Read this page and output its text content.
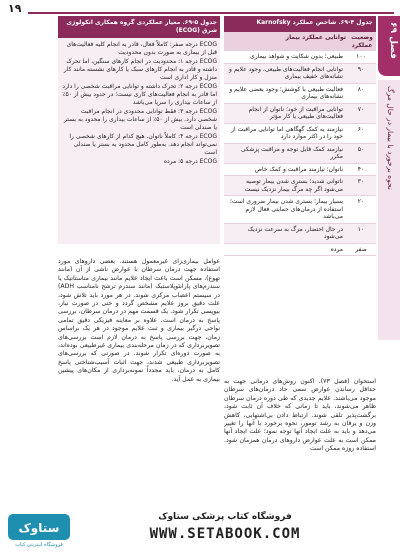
۱۹
فصل ۶۹
نحوه برخورد با بیمار در حال مرگ
جدول ۴-۶۹. شاخص عملکرد Karnofsky
وضعیت
عملکرد
توانایی عملکرد بیمار
۱۰۰
طبیعی؛ بدون شکایت و شواهد بیماری
۹۰
توانایی انجام فعالیت‌های طبیعی، وجود علایم و نشانه‌های خفیف بیماری
۸۰
فعالیت طبیعی با کوشش؛ وجود بعضی علایم و نشانه‌های بیماری
۷۰
توانایی مراقبت از خود؛ ناتوان از انجام فعالیت‌های طبیعی یا کار مؤثر
۶۰
نیازمند به کمک گهگاهی اما توانایی مراقبت از خود را در اکثر موارد دارد
۵۰
نیازمند کمک قابل توجه و مراقبت پزشکی مکرر
۴۰
ناتوان؛ نیازمند مراقبت و کمک خاص
۳۰
ناتوانی شدید؛ بستری شدن بیمار توصیه می‌شود اگر چه مرگ بیمار نزدیک نیست
۲۰
بسیار بیمار؛ بستری شدن بیمار ضروری است؛ استفاده از درمان‌های حمایتی فعال لازم می‌باشد
۱۰
در حال احتضار، مرگ به سرعت نزدیک می‌شود
صفر
مرده
جدول ۵-۶۹. معیار عملکردی گروه همکاری انکولوژی شرق (ECOG)

ECOG درجه صفر: کاملاً فعال، قادر به انجام کلیه فعالیت‌های قبل از بیماری به صورت بدون محدودیت

ECOG درجه ۱: محدودیت در انجام کارهای سنگین، اما تحرک داشته و قادر به انجام کارهای سبک یا کارهای نشسته مانند کار منزل و کار اداری است

ECOG درجه ۲: تحرک داشته و توانایی مراقبت شخصی را دارد اما قادر به انجام فعالیت‌های کاری نیست؛ در حدود بیش از ۵۰٪ از ساعات بیداری را سرپا می‌باشد

ECOG درجه ۳: فقط توانایی محدودی در انجام مراقبت شخصی دارد. بیش از ۵۰٪ از ساعات بیداری را محدود به بستر یا صندلی است

ECOG درجه ۴: کاملاً ناتوان. هیچ کدام از کارهای شخصی را نمی‌تواند انجام دهد. به‌طور کامل محدود به بستر یا صندلی است

ECOG درجه ۵: مرده

عوامل بیماری‌زای غیرمعمول هستند. بعضی داروهای مورد استفاده جهت درمان سرطان با عوارض ناشی از آن (مانند تهوع)، مسکن است باعث ایجاد علایم مانند بیماری متاستاتیک یا سندرم‌های پارانئوپلاستیک (مانند سندرم ترشح نامناسب ADH) در سیستم اعصاب مرکزی شوند. در هر مورد باید تلاش شود، علت دقیق بروز علایم مشخص گردد و حتی در صورت نیاز، بیوپسی تکرار شود. یک قسمت مهم در درمان سرطان، بررسی پاسخ به درمان است. علاوه بر معاینه فیزیکی دقیق تمامی نواحی درگیر بیماری و ثبت علایم موجود در هر یک براساس زمان، جهت بررسی پاسخ به درمان لازم است بررسی‌های تصویربرداری که در زمان مرحله‌بندی بیماری غیرطبیعی بوده‌اند، به صورت دوره‌ای تکرار شوند. در صورتی که بررسی‌های تصویربرداری طبیعی شدند، جهت اثبات آسیب‌شناختی پاسخ کامل به درمان، باید مجدداً نمونه‌برداری از مکان‌های پیشین بیماری به عمل آید. استخوان (فصل ۷۳). اکنون روش‌های درمانی جهت به حداقل رساندن عوارض سمی حاد درمان‌های سرطان موجود می‌باشند. علایم جدیدی که طی دوره درمان سرطان ظاهر می‌شوند، باید تا زمانی که خلاف آن ثابت شود، برگشت‌پذیر تلقی شوند. ارتباط دادن بی‌اشتهایی، کاهش وزن و یرقان به رشد تومور، نحوه برخورد با آنها را تغییر می‌دهد و باید به علت ایجاد آنها توجه نمود؛ علت ایجاد آنها ممکن است به علت عوارض داروهای درمان همزمان شود. استفاده روزه ممکن است
ستاوک
فروشگاه اینترنتی کتاب
فروشگاه کتاب پزشکی ستاوک
WWW.SETABOOK.COM
